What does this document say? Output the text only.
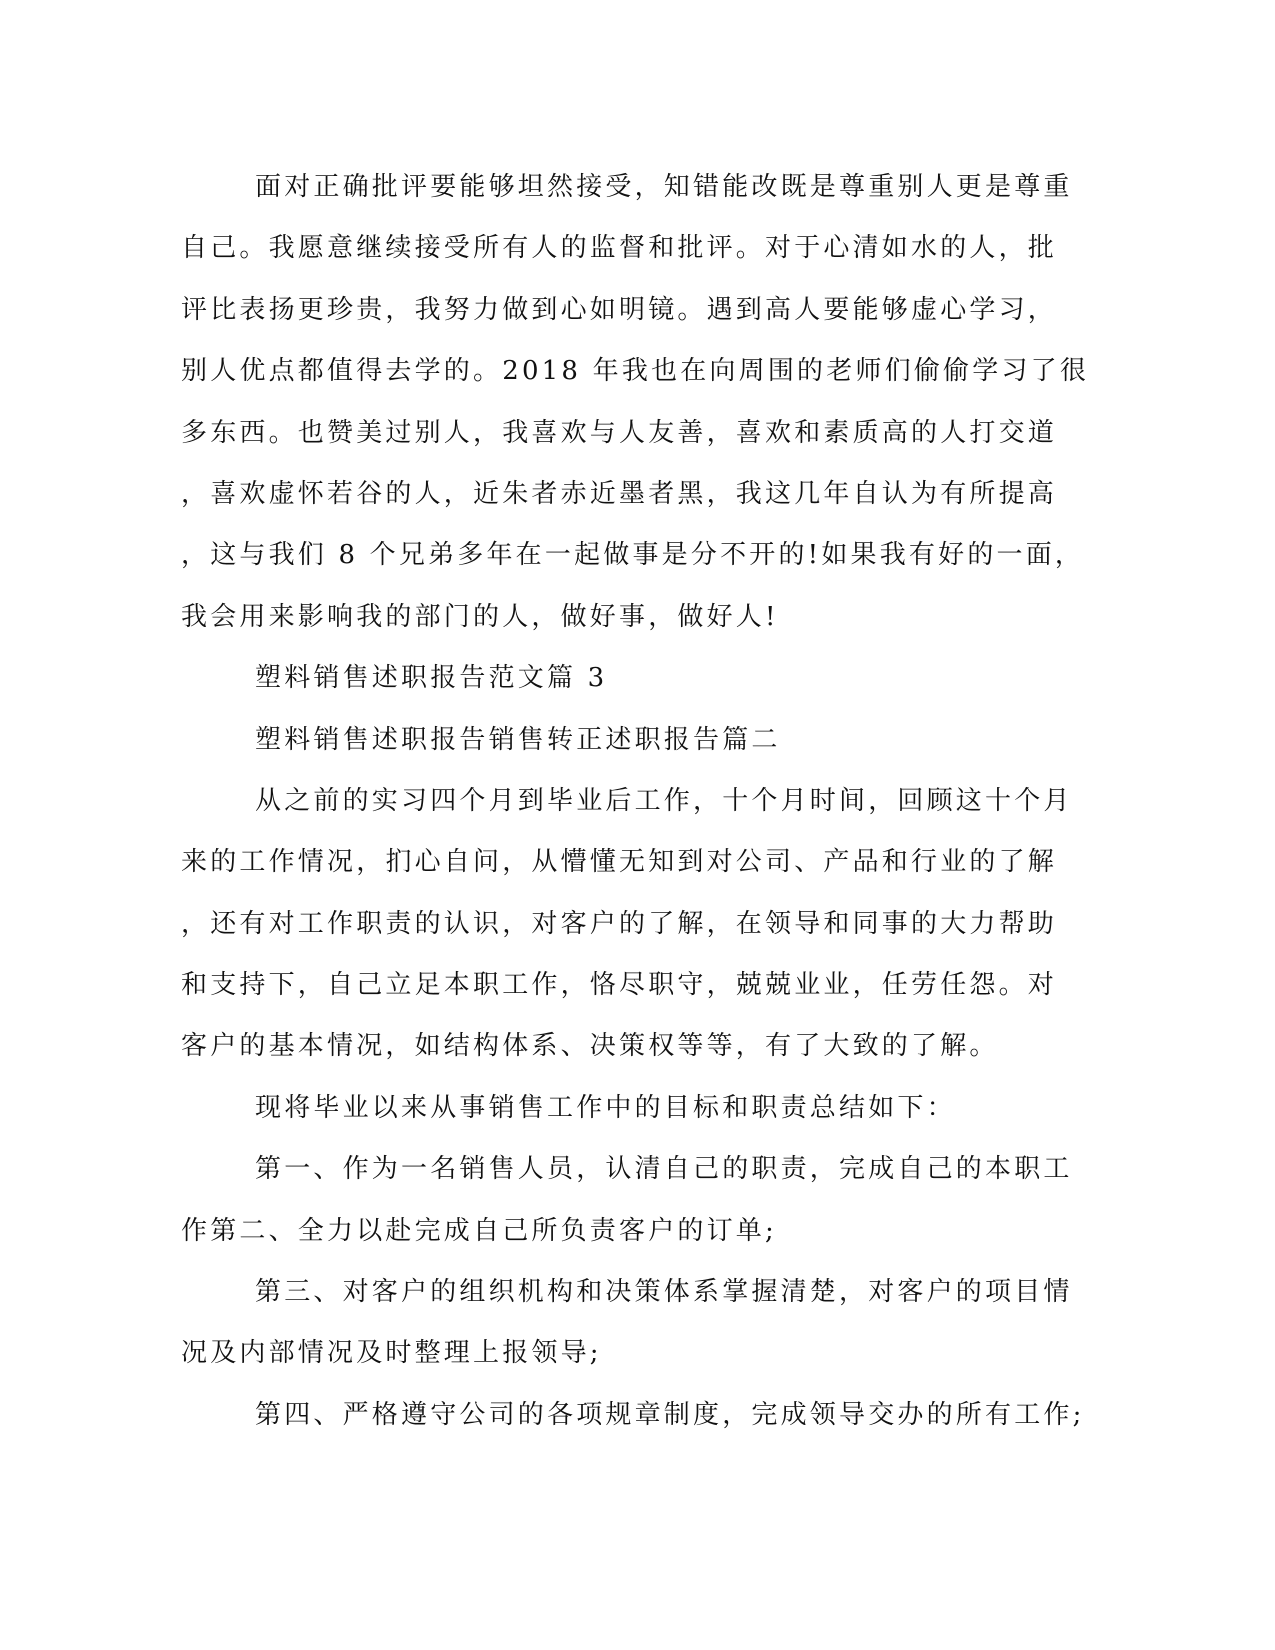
面对正确批评要能够坦然接受，知错能改既是尊重别人更是尊重
自己。我愿意继续接受所有人的监督和批评。对于心清如水的人，批
评比表扬更珍贵，我努力做到心如明镜。遇到高人要能够虚心学习，
别人优点都值得去学的。2018 年我也在向周围的老师们偷偷学习了很
多东西。也赞美过别人，我喜欢与人友善，喜欢和素质高的人打交道
，喜欢虚怀若谷的人，近朱者赤近墨者黑，我这几年自认为有所提高
，这与我们 8 个兄弟多年在一起做事是分不开的!如果我有好的一面，
我会用来影响我的部门的人，做好事，做好人!
塑料销售述职报告范文篇 3
塑料销售述职报告销售转正述职报告篇二
从之前的实习四个月到毕业后工作，十个月时间，回顾这十个月
来的工作情况，扪心自问，从懵懂无知到对公司、产品和行业的了解
，还有对工作职责的认识，对客户的了解，在领导和同事的大力帮助
和支持下，自己立足本职工作，恪尽职守，兢兢业业，任劳任怨。对
客户的基本情况，如结构体系、决策权等等，有了大致的了解。
现将毕业以来从事销售工作中的目标和职责总结如下：
第一、作为一名销售人员，认清自己的职责，完成自己的本职工
作第二、全力以赴完成自己所负责客户的订单;
第三、对客户的组织机构和决策体系掌握清楚，对客户的项目情
况及内部情况及时整理上报领导;
第四、严格遵守公司的各项规章制度，完成领导交办的所有工作;
